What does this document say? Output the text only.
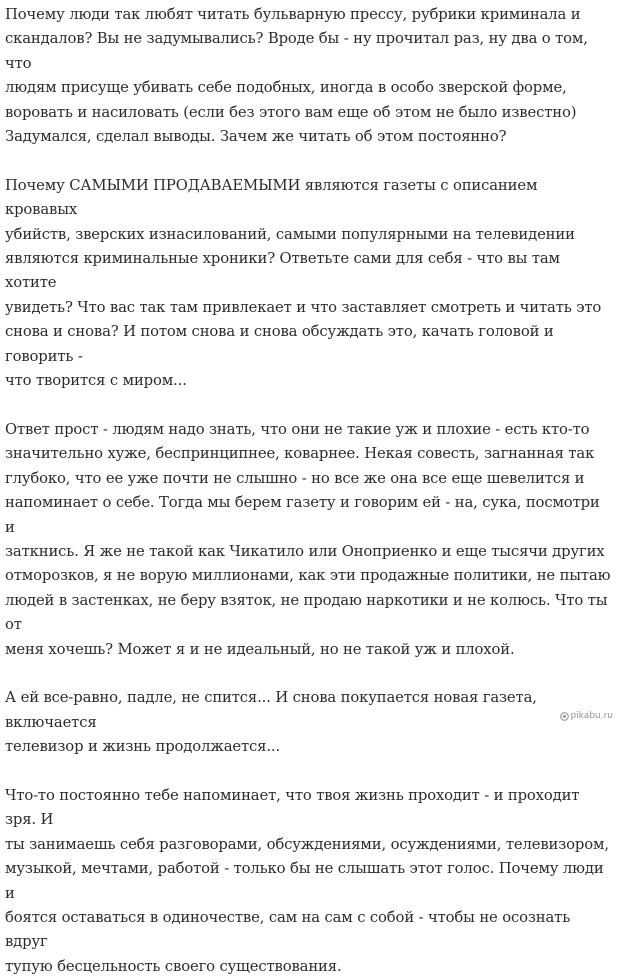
Почему люди так любят читать бульварную прессу, рубрики криминала и
скандалов? Вы не задумывались? Вроде бы - ну прочитал раз, ну два о том, что
людям присуще убивать себе подобных, иногда в особо зверской форме,
воровать и насиловать (если без этого вам еще об этом не было известно)
Задумался, сделал выводы. Зачем же читать об этом постоянно?

Почему САМЫМИ ПРОДАВАЕМЫМИ являются газеты с описанием кровавых
убийств, зверских изнасилований, самыми популярными на телевидении
являются криминальные хроники? Ответьте сами для себя - что вы там хотите
увидеть? Что вас так там привлекает и что заставляет смотреть и читать это
снова и снова? И потом снова и снова обсуждать это, качать головой и говорить -
что творится с миром...

Ответ прост - людям надо знать, что они не такие уж и плохие - есть кто-то
значительно хуже, беспринципнее, коварнее. Некая совесть, загнанная так
глубоко, что ее уже почти не слышно - но все же она все еще шевелится и
напоминает о себе. Тогда мы берем газету и говорим ей - на, сука, посмотри и
заткнись. Я же не такой как Чикатило или Оноприенко и еще тысячи других
отморозков, я не ворую миллионами, как эти продажные политики, не пытаю
людей в застенках, не беру взяток, не продаю наркотики и не колюсь. Что ты от
меня хочешь? Может я и не идеальный, но не такой уж и плохой.

А ей все-равно, падле, не спится... И снова покупается новая газета, включается
телевизор и жизнь продолжается...

Что-то постоянно тебе напоминает, что твоя жизнь проходит - и проходит зря. И
ты занимаешь себя разговорами, обсуждениями, осуждениями, телевизором,
музыкой, мечтами, работой - только бы не слышать этот голос. Почему люди и
боятся оставаться в одиночестве, сам на сам с собой - чтобы не осознать вдруг
тупую бесцельность своего существования.

pikabu.ru
